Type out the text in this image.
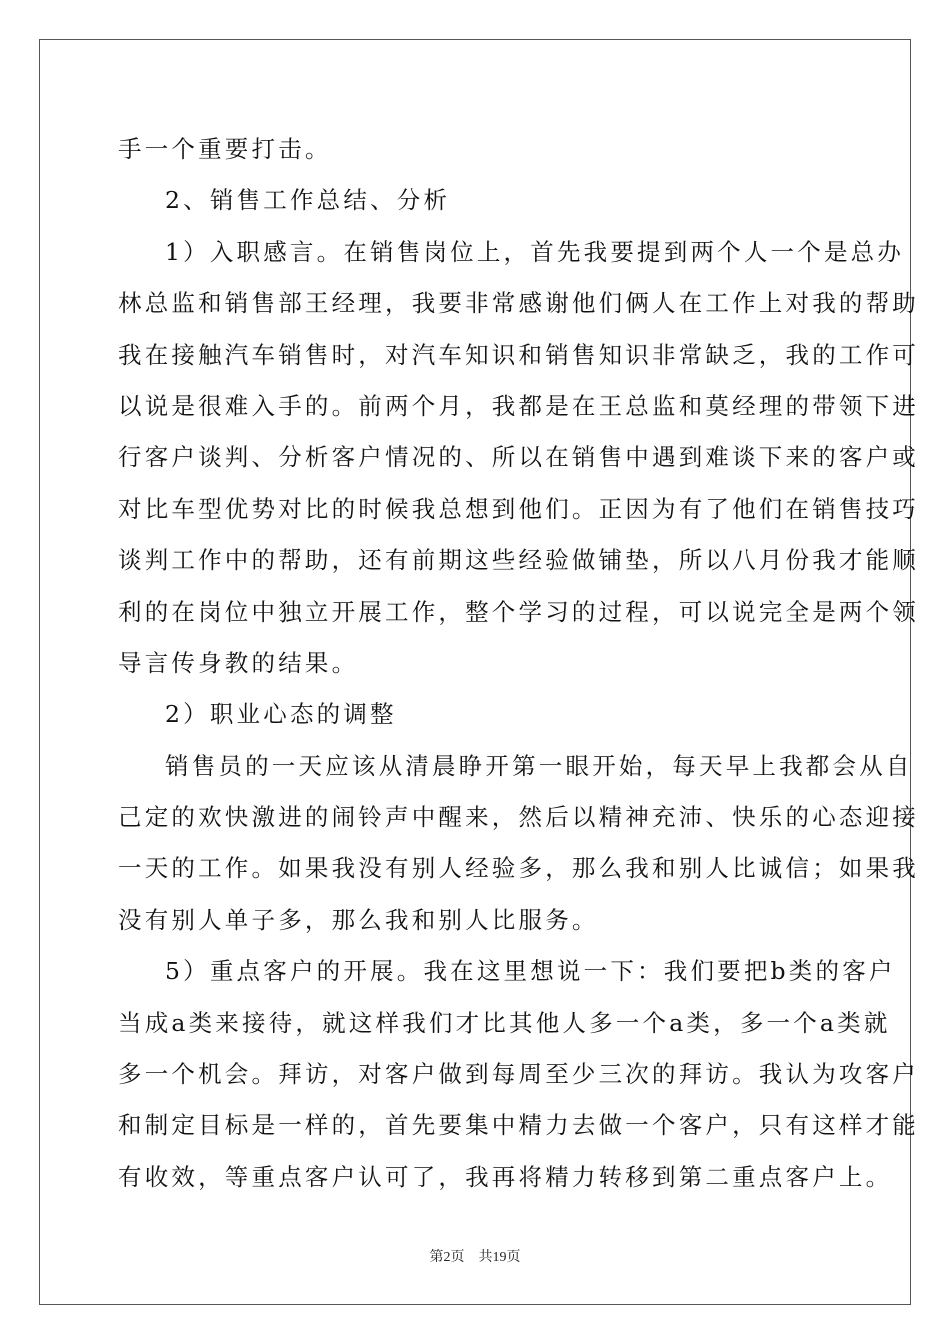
手一个重要打击。
2、销售工作总结、分析
1）入职感言。在销售岗位上，首先我要提到两个人一个是总办
林总监和销售部王经理，我要非常感谢他们俩人在工作上对我的帮助
我在接触汽车销售时，对汽车知识和销售知识非常缺乏，我的工作可
以说是很难入手的。前两个月，我都是在王总监和莫经理的带领下进
行客户谈判、分析客户情况的、所以在销售中遇到难谈下来的客户或
对比车型优势对比的时候我总想到他们。正因为有了他们在销售技巧
谈判工作中的帮助，还有前期这些经验做铺垫，所以八月份我才能顺
利的在岗位中独立开展工作，整个学习的过程，可以说完全是两个领
导言传身教的结果。
2）职业心态的调整
销售员的一天应该从清晨睁开第一眼开始，每天早上我都会从自
己定的欢快激进的闹铃声中醒来，然后以精神充沛、快乐的心态迎接
一天的工作。如果我没有别人经验多，那么我和别人比诚信；如果我
没有别人单子多，那么我和别人比服务。
5）重点客户的开展。我在这里想说一下：我们要把b类的客户
当成a类来接待，就这样我们才比其他人多一个a类，多一个a类就
多一个机会。拜访，对客户做到每周至少三次的拜访。我认为攻客户
和制定目标是一样的，首先要集中精力去做一个客户，只有这样才能
有收效，等重点客户认可了，我再将精力转移到第二重点客户上。
第2页 共19页
